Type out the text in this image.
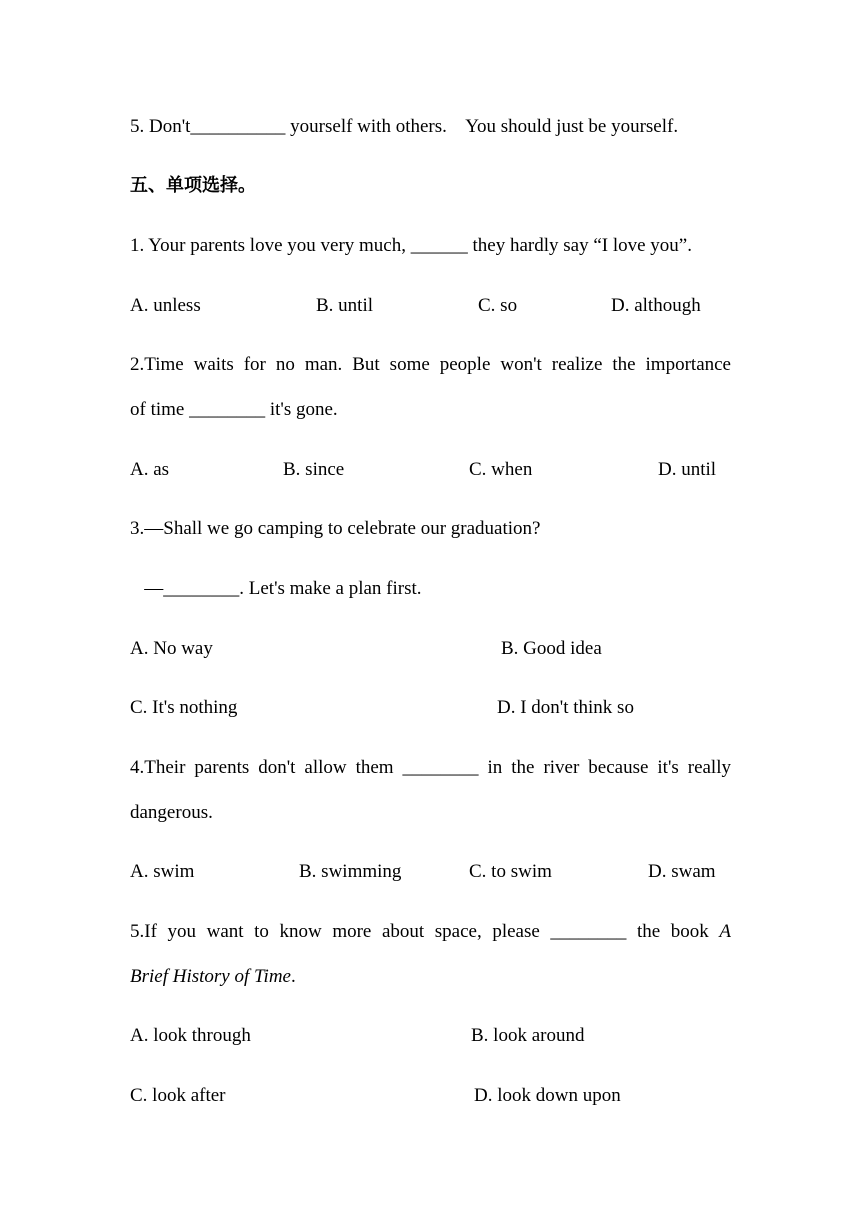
5. Don't__________ yourself with others.    You should just be yourself.
五、单项选择。
1. Your parents love you very much, ______ they hardly say “I love you”.
A. unless	B. until	C. so	D. although
2.Time waits for no man. But some people won't realize the importance
of time ________ it's gone.
A. as	B. since	C. when	D. until
3.—Shall we go camping to celebrate our graduation?
—________. Let's make a plan first.
A. No way	B. Good idea
C. It's nothing	D. I don't think so
4.Their parents don't allow them ________ in the river because it's really
dangerous.
A. swim	B. swimming	C. to swim	D. swam
5.If you want to know more about space, please ________ the book A
Brief History of Time.
A. look through	B. look around
C. look after	D. look down upon
